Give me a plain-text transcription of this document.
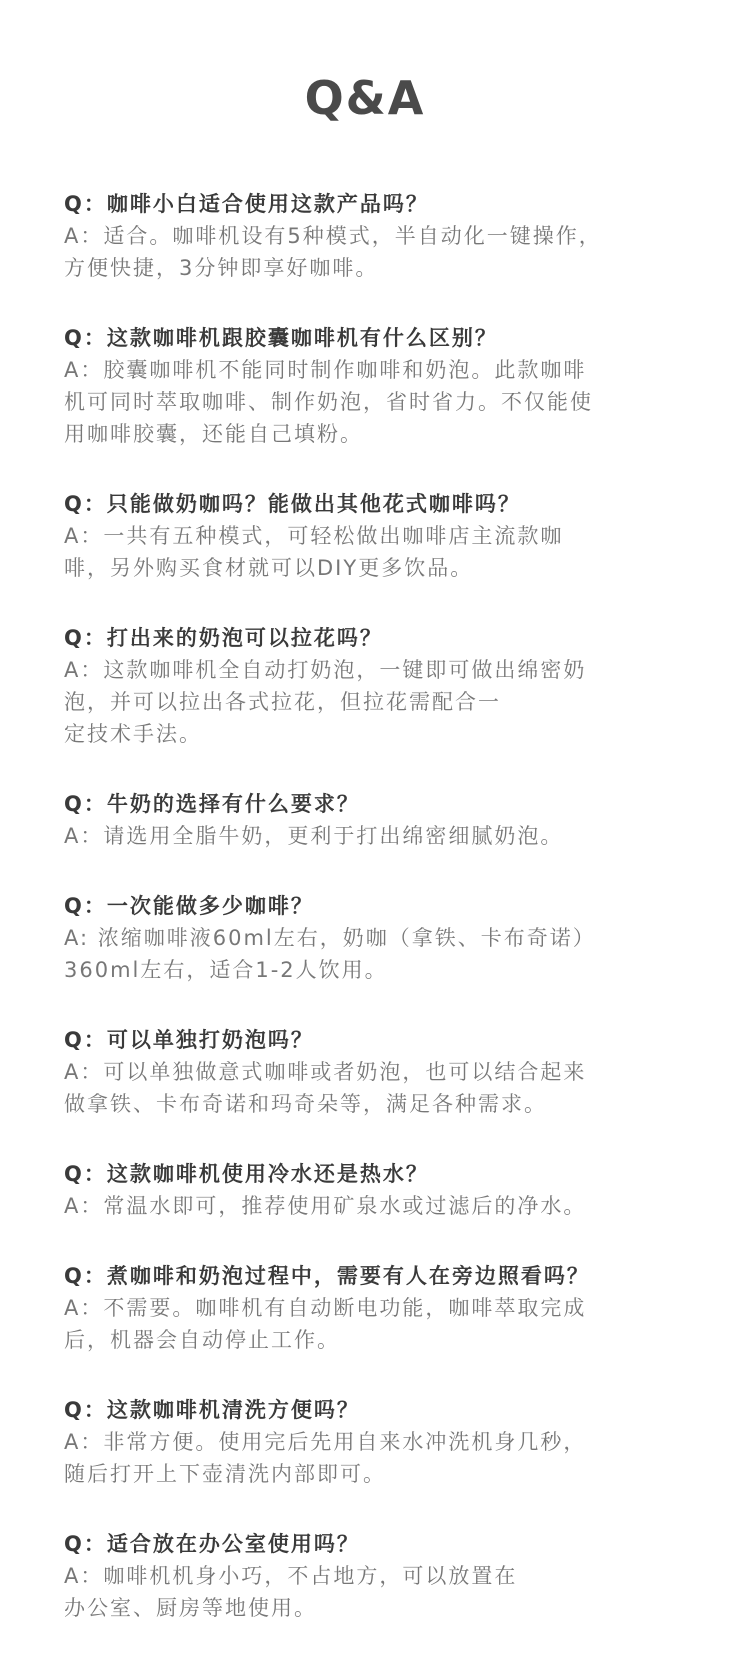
Q&A
Q：咖啡小白适合使用这款产品吗？
A：适合。咖啡机设有5种模式，半自动化一键操作，
方便快捷，3分钟即享好咖啡。
Q：这款咖啡机跟胶囊咖啡机有什么区别？
A：胶囊咖啡机不能同时制作咖啡和奶泡。此款咖啡
机可同时萃取咖啡、制作奶泡，省时省力。不仅能使
用咖啡胶囊，还能自己填粉。
Q：只能做奶咖吗？能做出其他花式咖啡吗？
A：一共有五种模式，可轻松做出咖啡店主流款咖
啡，另外购买食材就可以DIY更多饮品。
Q：打出来的奶泡可以拉花吗？
A：这款咖啡机全自动打奶泡，一键即可做出绵密奶
泡，并可以拉出各式拉花，但拉花需配合一
定技术手法。
Q：牛奶的选择有什么要求？
A：请选用全脂牛奶，更利于打出绵密细腻奶泡。
Q：一次能做多少咖啡？
A: 浓缩咖啡液60ml左右，奶咖（拿铁、卡布奇诺）
360ml左右，适合1-2人饮用。
Q：可以单独打奶泡吗？
A：可以单独做意式咖啡或者奶泡，也可以结合起来
做拿铁、卡布奇诺和玛奇朵等，满足各种需求。
Q：这款咖啡机使用冷水还是热水？
A：常温水即可，推荐使用矿泉水或过滤后的净水。
Q：煮咖啡和奶泡过程中，需要有人在旁边照看吗？
A：不需要。咖啡机有自动断电功能，咖啡萃取完成
后，机器会自动停止工作。
Q：这款咖啡机清洗方便吗？
A：非常方便。使用完后先用自来水冲洗机身几秒，
随后打开上下壶清洗内部即可。
Q：适合放在办公室使用吗？
A：咖啡机机身小巧，不占地方，可以放置在
办公室、厨房等地使用。
